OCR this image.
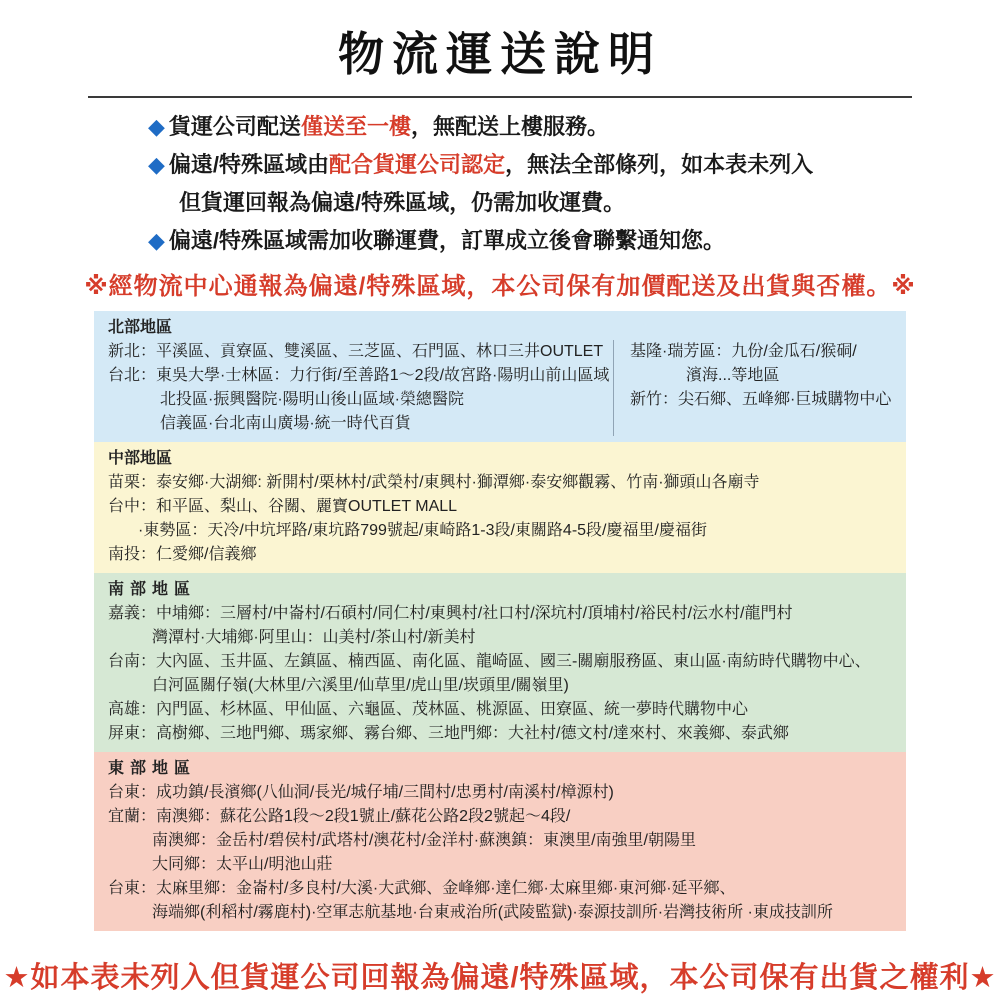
物流運送說明
◆ 貨運公司配送僅送至一樓，無配送上樓服務。
◆ 偏遠/特殊區域由配合貨運公司認定，無法全部條列，如本表未列入
但貨運回報為偏遠/特殊區域，仍需加收運費。
◆ 偏遠/特殊區域需加收聯運費，訂單成立後會聯繫通知您。
※經物流中心通報為偏遠/特殊區域，本公司保有加價配送及出貨與否權。※
北部地區
新北：平溪區、貢寮區、雙溪區、三芝區、石門區、林口三井OUTLET
台北：東吳大學·士林區：力行街/至善路1～2段/故宮路·陽明山前山區域
北投區·振興醫院·陽明山後山區域·榮總醫院
信義區·台北南山廣場·統一時代百貨
基隆·瑞芳區：九份/金瓜石/猴硐/
濱海...等地區
新竹：尖石鄉、五峰鄉·巨城購物中心
中部地區
苗栗：泰安鄉·大湖鄉: 新開村/栗林村/武榮村/東興村·獅潭鄉·泰安鄉觀霧、竹南·獅頭山各廟寺
台中：和平區、梨山、谷關、麗寶OUTLET MALL
·東勢區：天冷/中坑坪路/東坑路799號起/東崎路1-3段/東關路4-5段/慶福里/慶福街
南投：仁愛鄉/信義鄉
南部地區
嘉義：中埔鄉：三層村/中崙村/石碩村/同仁村/東興村/社口村/深坑村/頂埔村/裕民村/沄水村/龍門村
灣潭村·大埔鄉·阿里山：山美村/茶山村/新美村
台南：大內區、玉井區、左鎮區、楠西區、南化區、龍崎區、國三-關廟服務區、東山區·南紡時代購物中心、
白河區關仔嶺(大林里/六溪里/仙草里/虎山里/崁頭里/關嶺里)
高雄：內門區、杉林區、甲仙區、六龜區、茂林區、桃源區、田寮區、統一夢時代購物中心
屏東：高樹鄉、三地門鄉、瑪家鄉、霧台鄉、三地門鄉：大社村/德文村/達來村、來義鄉、泰武鄉
東部地區
台東：成功鎮/長濱鄉(八仙洞/長光/城仔埔/三間村/忠勇村/南溪村/樟源村)
宜蘭：南澳鄉：蘇花公路1段～2段1號止/蘇花公路2段2號起～4段/
南澳鄉：金岳村/碧侯村/武塔村/澳花村/金洋村·蘇澳鎮：東澳里/南強里/朝陽里
大同鄉：太平山/明池山莊
台東：太麻里鄉：金崙村/多良村/大溪·大武鄉、金峰鄉·達仁鄉·太麻里鄉·東河鄉·延平鄉、
海端鄉(利稻村/霧鹿村)·空軍志航基地·台東戒治所(武陵監獄)·泰源技訓所·岩灣技術所 ·東成技訓所
★如本表未列入但貨運公司回報為偏遠/特殊區域，本公司保有出貨之權利★
